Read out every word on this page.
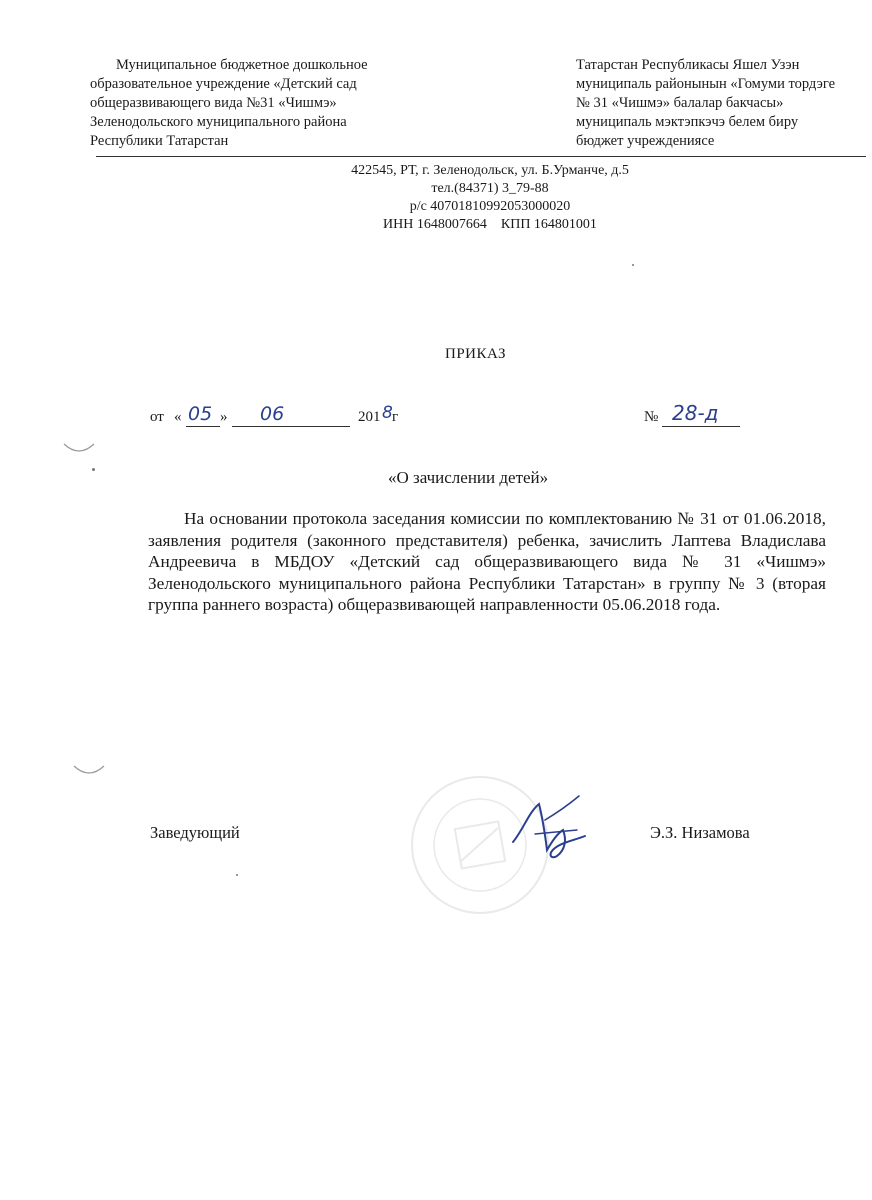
Муниципальное бюджетное дошкольное
образовательное учреждение «Детский сад
общеразвивающего вида №31 «Чишмэ»
Зеленодольского муниципального района
Республики Татарстан
Татарстан Республикасы Яшел Узэн
муниципаль районынын «Гомуми тордэге
№ 31 «Чишмэ» балалар бакчасы»
муниципаль мэктэпкэчэ белем биру
бюджет учреждениясе
422545, РТ, г. Зеленодольск, ул. Б.Урманче, д.5
тел.(84371) 3_79-88
р/с 40701810992053000020
ИНН 1648007664    КПП 164801001
ПРИКАЗ
от « 05 » 06	201 8 г	№ 28-д
«О зачислении детей»
На основании протокола заседания комиссии по комплектованию № 31 от 01.06.2018, заявления родителя (законного представителя) ребенка, зачислить Лаптева Владислава Андреевича в МБДОУ «Детский сад общеразвивающего вида № 31 «Чишмэ» Зеленодольского муниципального района Республики Татарстан» в группу № 3 (вторая группа раннего возраста) общеразвивающей направленности 05.06.2018 года.
Заведующий	Э.З. Низамова
